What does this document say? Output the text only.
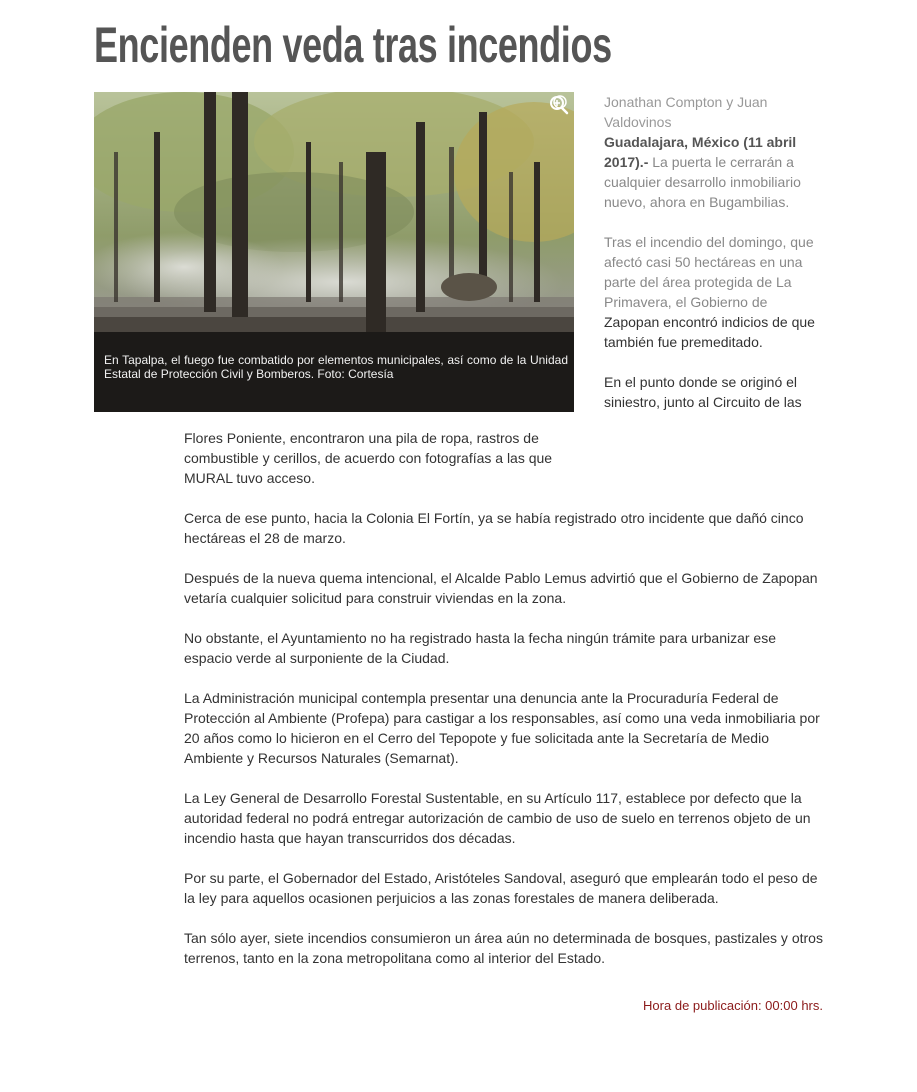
Encienden veda tras incendios

En Tapalpa, el fuego fue combatido por elementos municipales, así como de la Unidad Estatal de Protección Civil y Bomberos. Foto: Cortesía

Jonathan Compton y Juan Valdovinos
Guadalajara, México (11 abril 2017).- La puerta le cerrarán a cualquier desarrollo inmobiliario nuevo, ahora en Bugambilias.

Tras el incendio del domingo, que afectó casi 50 hectáreas en una parte del área protegida de La Primavera, el Gobierno de Zapopan encontró indicios de que también fue premeditado.

En el punto donde se originó el siniestro, junto al Circuito de las

Flores Poniente, encontraron una pila de ropa, rastros de combustible y cerillos, de acuerdo con fotografías a las que MURAL tuvo acceso.

Cerca de ese punto, hacia la Colonia El Fortín, ya se había registrado otro incidente que dañó cinco hectáreas el 28 de marzo.

Después de la nueva quema intencional, el Alcalde Pablo Lemus advirtió que el Gobierno de Zapopan vetaría cualquier solicitud para construir viviendas en la zona.

No obstante, el Ayuntamiento no ha registrado hasta la fecha ningún trámite para urbanizar ese espacio verde al surponiente de la Ciudad.

La Administración municipal contempla presentar una denuncia ante la Procuraduría Federal de Protección al Ambiente (Profepa) para castigar a los responsables, así como una veda inmobiliaria por 20 años como lo hicieron en el Cerro del Tepopote y fue solicitada ante la Secretaría de Medio Ambiente y Recursos Naturales (Semarnat).

La Ley General de Desarrollo Forestal Sustentable, en su Artículo 117, establece por defecto que la autoridad federal no podrá entregar autorización de cambio de uso de suelo en terrenos objeto de un incendio hasta que hayan transcurridos dos décadas.

Por su parte, el Gobernador del Estado, Aristóteles Sandoval, aseguró que emplearán todo el peso de la ley para aquellos ocasionen perjuicios a las zonas forestales de manera deliberada.

Tan sólo ayer, siete incendios consumieron un área aún no determinada de bosques, pastizales y otros terrenos, tanto en la zona metropolitana como al interior del Estado.

Hora de publicación: 00:00 hrs.
